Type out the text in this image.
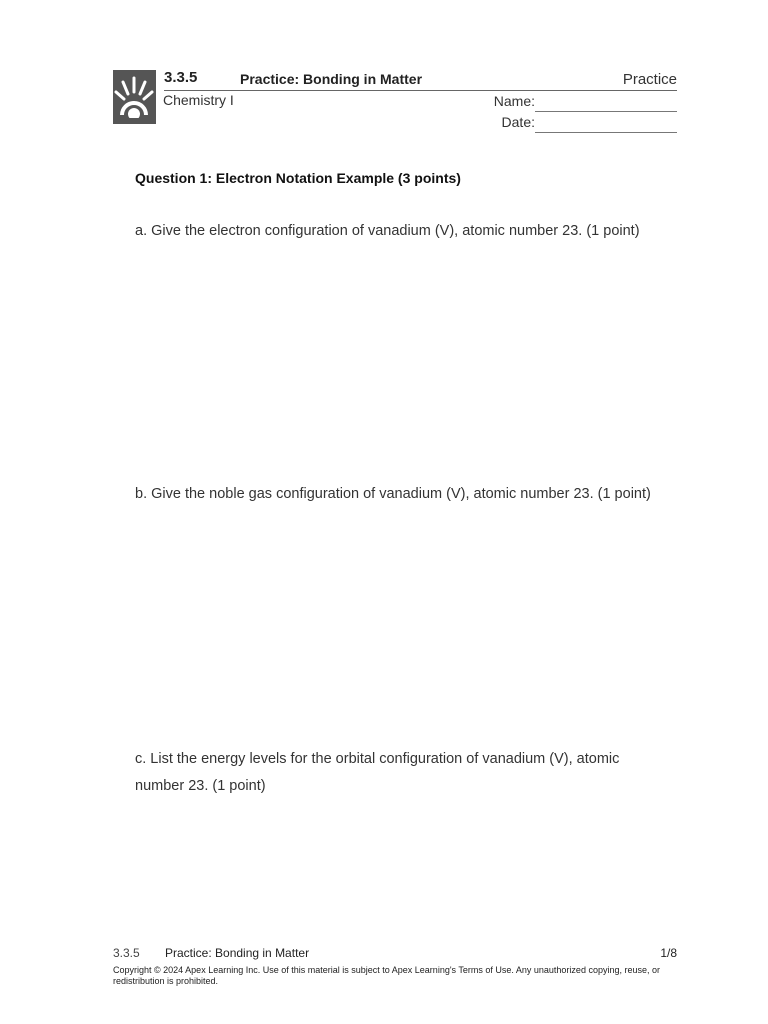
3.3.5	Practice: Bonding in Matter	Practice
Chemistry I	Name:
Date:
Question 1: Electron Notation Example (3 points)
a. Give the electron configuration of vanadium (V), atomic number 23. (1 point)
b. Give the noble gas configuration of vanadium (V), atomic number 23. (1 point)
c. List the energy levels for the orbital configuration of vanadium (V), atomic number 23. (1 point)
3.3.5 Practice: Bonding in Matter	1/8
Copyright © 2024 Apex Learning Inc. Use of this material is subject to Apex Learning's Terms of Use. Any unauthorized copying, reuse, or redistribution is prohibited.
